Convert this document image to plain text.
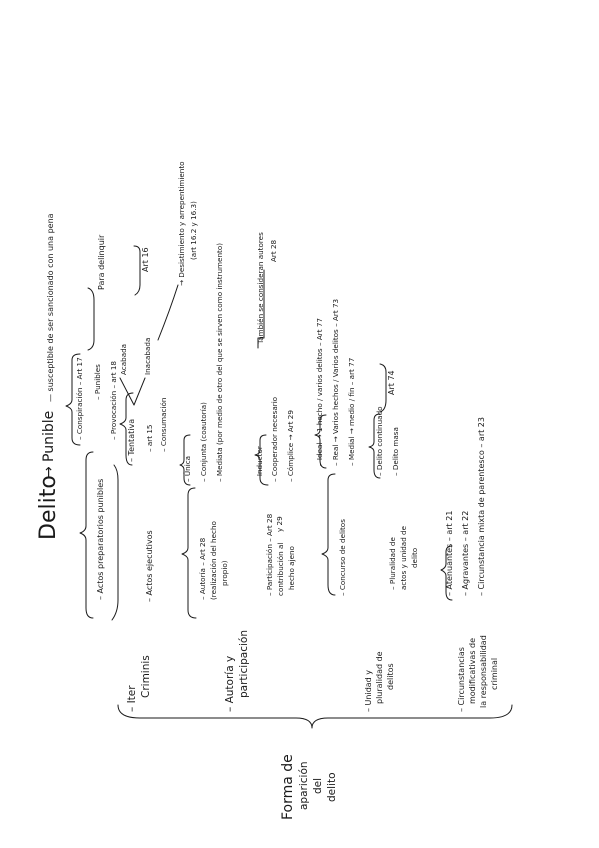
Delito
→
Punible
— susceptible de ser sancionado con una pena
Forma de aparición del delito
– Iter
Criminis
– Actos preparatorios punibles
– Conspiración – Art 17 – Punibles – Provocación – art 18
Para delinquir
– Actos ejecutivos
– Tentativa
Acabada Inacabada
Art 16
– art 15 – Consumación
→ Desistimiento y arrepentimiento (art 16.2 y 16.3)
– Autoría y participación
– Autoría – Art 28 (realización del hecho propio)
– Única – Conjunta (coautoría) – Mediata (por medio de otro del que se sirven como instrumento)
– Participación – Art 28 contribución al hecho ajeno
y 29
– Inductor – Cooperador necesario – Cómplice → Art 29
También se consideran autores Art 28
– Unidad y pluralidad de delitos
– Concurso de delitos
– Ideal → 1 hecho / varios delitos – Art 77 – Real → Varios hechos / Varios delitos – Art 73 – Medial → medio / fin – art 77
– Pluralidad de actos y unidad de delito
– Delito continuado – Delito masa
Art 74
– Circunstancias modificativas de la responsabilidad criminal
– Atenuantes – art 21 – Agravantes – art 22 – Circunstancia mixta de parentesco – art 23
